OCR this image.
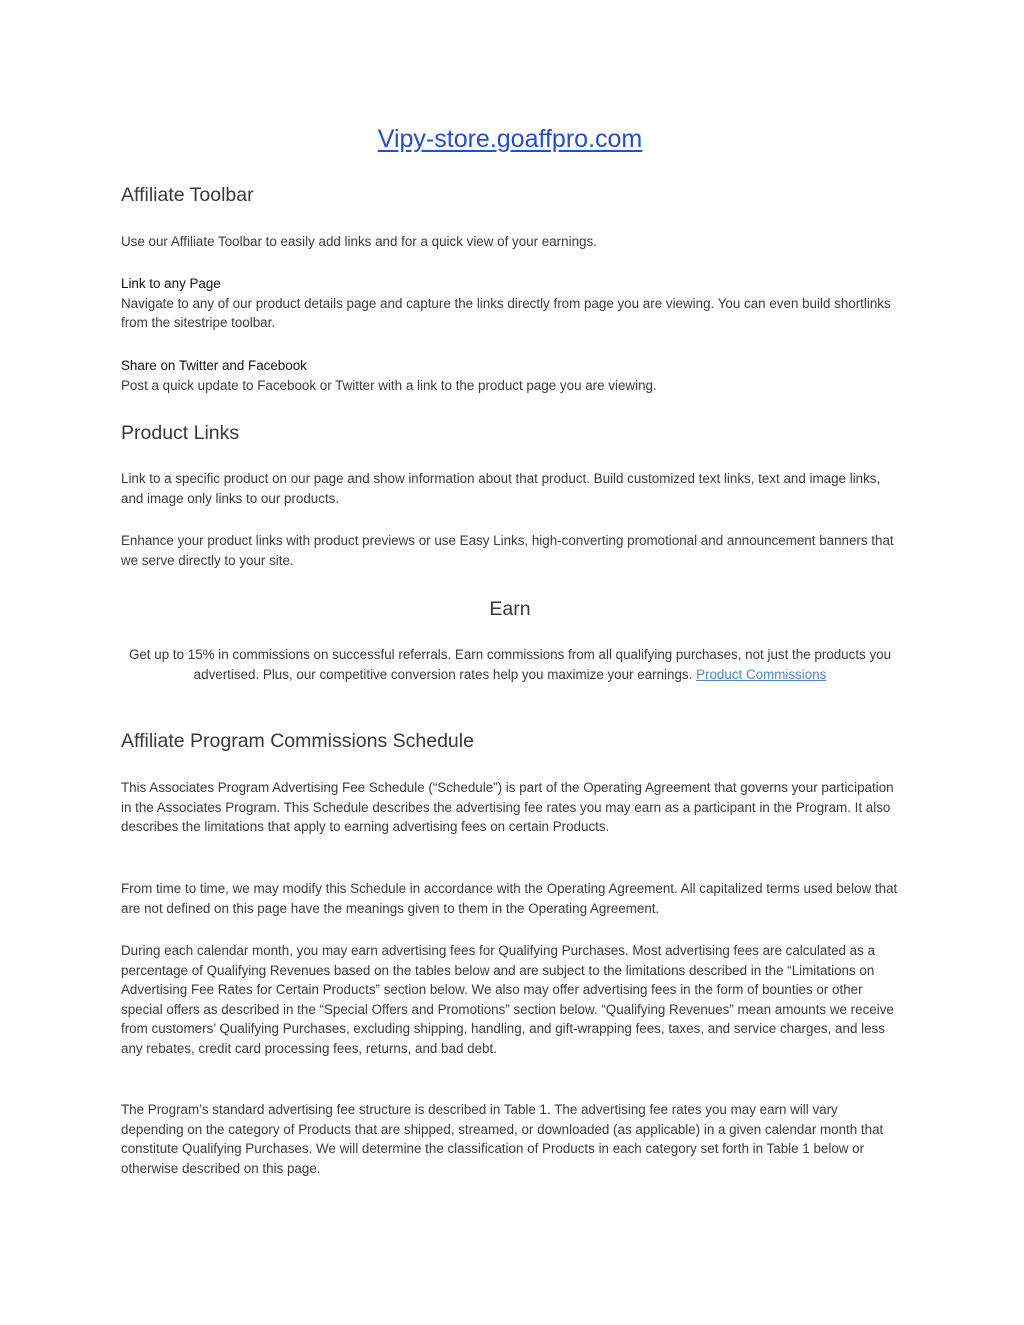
Vipy-store.goaffpro.com
Affiliate Toolbar

Use our Affiliate Toolbar to easily add links and for a quick view of your earnings.

Link to any Page
Navigate to any of our product details page and capture the links directly from page you are viewing. You can even build shortlinks from the sitestripe toolbar.
Share on Twitter and Facebook
Post a quick update to Facebook or Twitter with a link to the product page you are viewing.
Product Links

Link to a specific product on our page and show information about that product. Build customized text links, text and image links, and image only links to our products.

Enhance your product links with product previews or use Easy Links, high-converting promotional and announcement banners that we serve directly to your site.

Earn

Get up to 15% in commissions on successful referrals. Earn commissions from all qualifying purchases, not just the products you advertised. Plus, our competitive conversion rates help you maximize your earnings. Product Commissions

Affiliate Program Commissions Schedule

This Associates Program Advertising Fee Schedule (“Schedule”) is part of the Operating Agreement that governs your participation in the Associates Program. This Schedule describes the advertising fee rates you may earn as a participant in the Program. It also describes the limitations that apply to earning advertising fees on certain Products.

From time to time, we may modify this Schedule in accordance with the Operating Agreement. All capitalized terms used below that are not defined on this page have the meanings given to them in the Operating Agreement.

During each calendar month, you may earn advertising fees for Qualifying Purchases. Most advertising fees are calculated as a percentage of Qualifying Revenues based on the tables below and are subject to the limitations described in the “Limitations on Advertising Fee Rates for Certain Products” section below. We also may offer advertising fees in the form of bounties or other special offers as described in the “Special Offers and Promotions” section below. “Qualifying Revenues” mean amounts we receive from customers’ Qualifying Purchases, excluding shipping, handling, and gift-wrapping fees, taxes, and service charges, and less any rebates, credit card processing fees, returns, and bad debt.

The Program’s standard advertising fee structure is described in Table 1. The advertising fee rates you may earn will vary depending on the category of Products that are shipped, streamed, or downloaded (as applicable) in a given calendar month that constitute Qualifying Purchases. We will determine the classification of Products in each category set forth in Table 1 below or otherwise described on this page.
